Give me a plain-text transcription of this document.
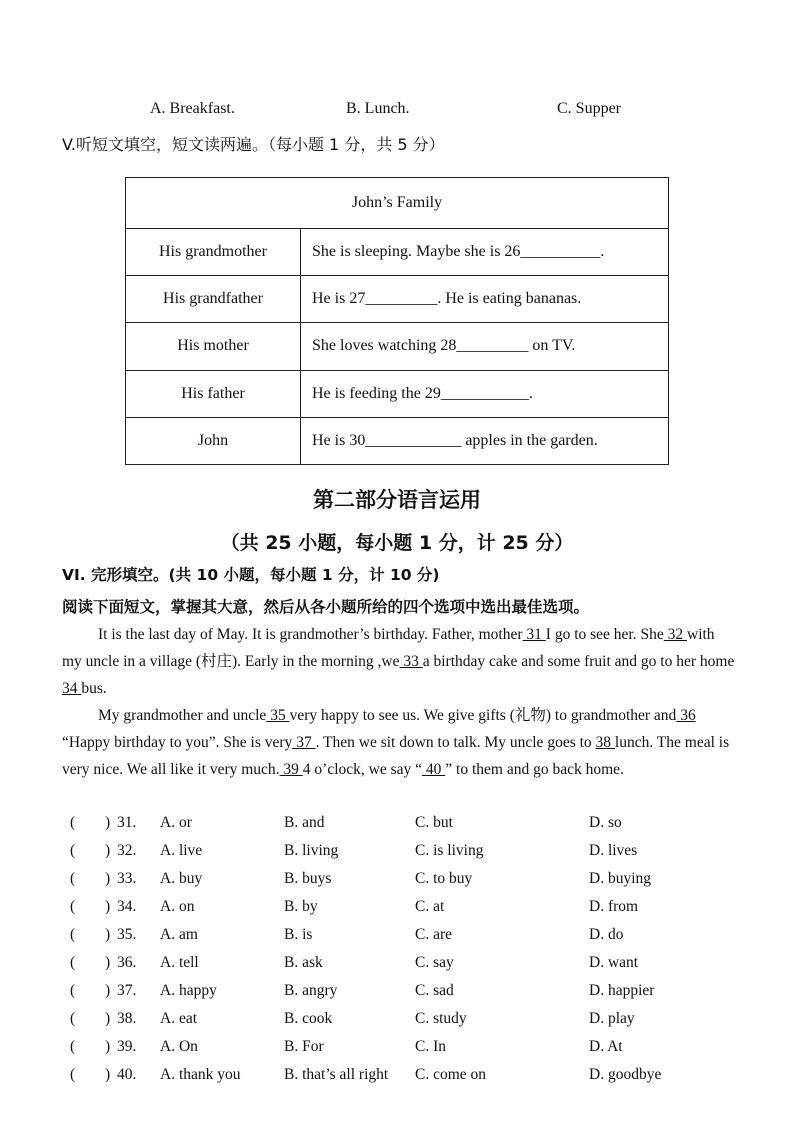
A. Breakfast.	B. Lunch.	C. Supper
V.听短文填空，短文读两遍。（每小题 1 分，共 5 分）
John’s Family	
His grandmother	She is sleeping. Maybe she is 26__________.
His grandfather	He is 27_________. He is eating bananas.
His mother	She loves watching 28_________ on TV.
His father	He is feeding the 29___________.
John	He is 30____________ apples in the garden.
第二部分语言运用
（共 25 小题，每小题 1 分，计 25 分）
VI. 完形填空。(共 10 小题，每小题 1 分，计 10 分)
阅读下面短文，掌握其大意，然后从各小题所给的四个选项中选出最佳选项。
It is the last day of May. It is grandmother’s birthday. Father, mother 31 I go to see her. She 32 with my uncle in a village (村庄). Early in the morning ,we 33 a birthday cake and some fruit and go to her home 34 bus.
My grandmother and uncle 35 very happy to see us. We give gifts (礼物) to grandmother and 36 “Happy birthday to you”. She is very 37 . Then we sit down to talk. My uncle goes to 38 lunch. The meal is very nice. We all like it very much. 39 4 o’clock, we say “ 40 ” to them and go back home.
( ) 31. A. or	B. and	C. but	D. so
( ) 32. A. live	B. living	C. is living	D. lives
( ) 33. A. buy	B. buys	C. to buy	D. buying
( ) 34. A. on	B. by	C. at	D. from
( ) 35. A. am	B. is	C. are	D. do
( ) 36. A. tell	B. ask	C. say	D. want
( ) 37. A. happy	B. angry	C. sad	D. happier
( ) 38. A. eat	B. cook	C. study	D. play
( ) 39. A. On	B. For	C. In	D. At
( ) 40. A. thank you	B. that’s all right C. come on	D. goodbye
